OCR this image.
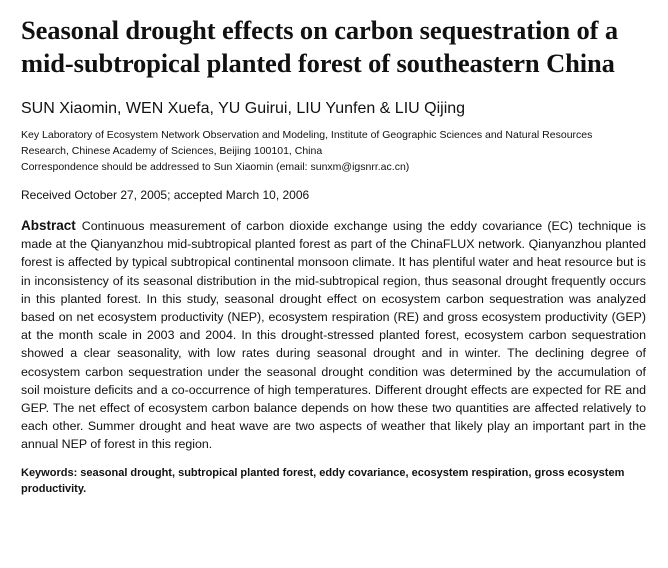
Seasonal drought effects on carbon sequestration of a mid-subtropical planted forest of southeastern China
SUN Xiaomin, WEN Xuefa, YU Guirui, LIU Yunfen & LIU Qijing
Key Laboratory of Ecosystem Network Observation and Modeling, Institute of Geographic Sciences and Natural Resources
Research, Chinese Academy of Sciences, Beijing 100101, China
Correspondence should be addressed to Sun Xiaomin (email: sunxm@igsnrr.ac.cn)
Received October 27, 2005; accepted March 10, 2006

Abstract Continuous measurement of carbon dioxide exchange using the eddy covariance (EC) technique is made at the Qianyanzhou mid-subtropical planted forest as part of the ChinaFLUX network. Qianyanzhou planted forest is affected by typical subtropical continental monsoon climate. It has plentiful water and heat resource but is in inconsistency of its seasonal distribution in the mid-subtropical region, thus seasonal drought frequently occurs in this planted forest. In this study, seasonal drought effect on ecosystem carbon sequestration was analyzed based on net ecosystem productivity (NEP), ecosystem respiration (RE) and gross ecosystem productivity (GEP) at the month scale in 2003 and 2004. In this drought-stressed planted forest, ecosystem carbon sequestration showed a clear seasonality, with low rates during seasonal drought and in winter. The declining degree of ecosystem carbon sequestration under the seasonal drought condition was determined by the accumulation of soil moisture deficits and a co-occurrence of high temperatures. Different drought effects are expected for RE and GEP. The net effect of ecosystem carbon balance depends on how these two quantities are affected relatively to each other. Summer drought and heat wave are two aspects of weather that likely play an important part in the annual NEP of forest in this region.

Keywords: seasonal drought, subtropical planted forest, eddy covariance, ecosystem respiration, gross ecosystem productivity.
